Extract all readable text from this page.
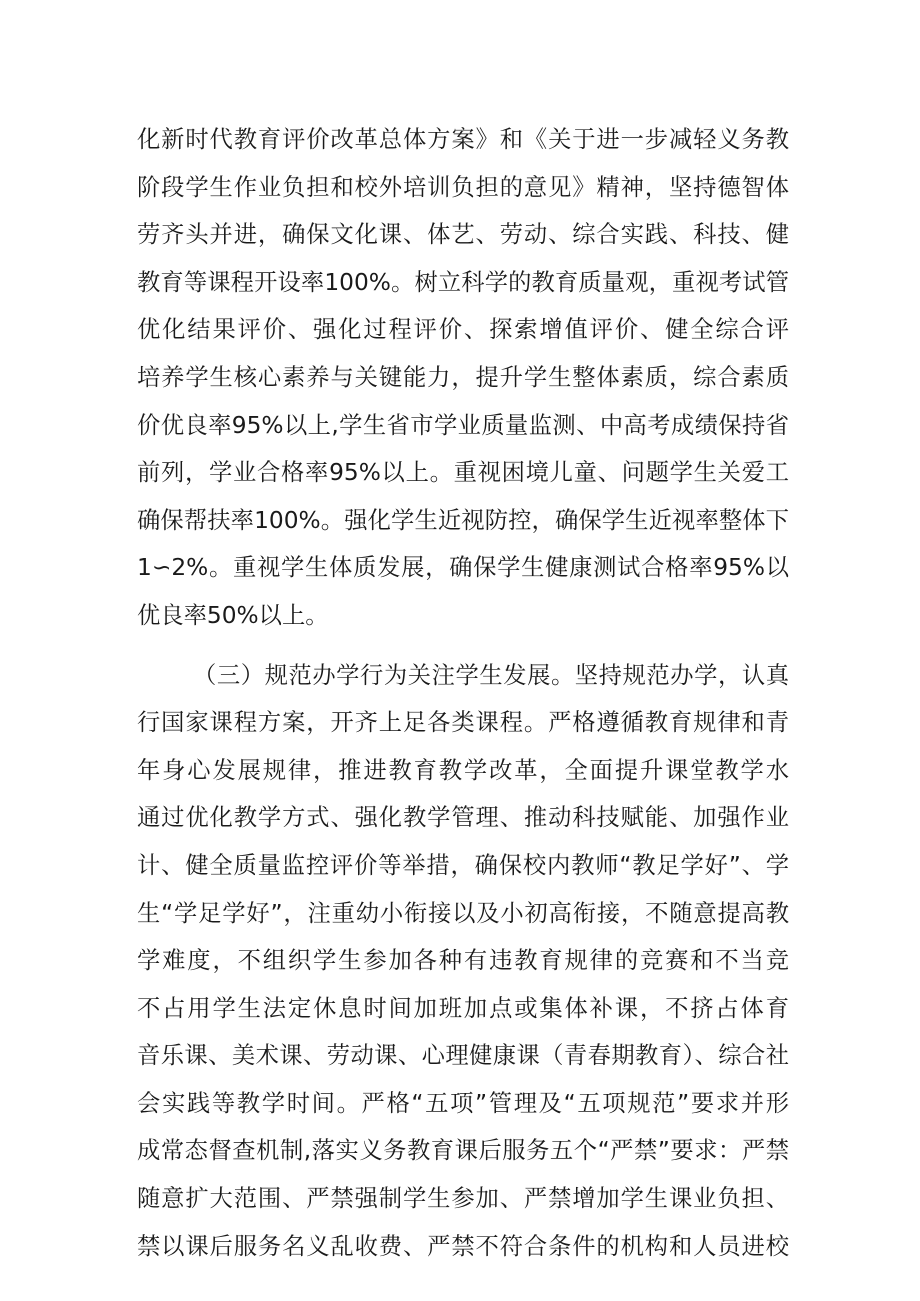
化新时代教育评价改革总体方案》和《关于进一步减轻义务教
阶段学生作业负担和校外培训负担的意见》精神，坚持德智体
劳齐头并进，确保文化课、体艺、劳动、综合实践、科技、健
教育等课程开设率100%。树立科学的教育质量观，重视考试管
优化结果评价、强化过程评价、探索增值评价、健全综合评
培养学生核心素养与关键能力，提升学生整体素质，综合素质
价优良率95%以上,学生省市学业质量监测、中高考成绩保持省
前列，学业合格率95%以上。重视困境儿童、问题学生关爱工
确保帮扶率100%。强化学生近视防控，确保学生近视率整体下
1∽2%。重视学生体质发展，确保学生健康测试合格率95%以
优良率50%以上。
（三）规范办学行为关注学生发展。坚持规范办学，认真
行国家课程方案，开齐上足各类课程。严格遵循教育规律和青
年身心发展规律，推进教育教学改革，全面提升课堂教学水
通过优化教学方式、强化教学管理、推动科技赋能、加强作业
计、健全质量监控评价等举措，确保校内教师“教足学好”、学
生“学足学好”，注重幼小衔接以及小初高衔接，不随意提高教
学难度，不组织学生参加各种有违教育规律的竞赛和不当竞
不占用学生法定休息时间加班加点或集体补课，不挤占体育
音乐课、美术课、劳动课、心理健康课（青春期教育）、综合社
会实践等教学时间。严格“五项”管理及“五项规范”要求并形
成常态督查机制,落实义务教育课后服务五个“严禁”要求：严禁
随意扩大范围、严禁强制学生参加、严禁增加学生课业负担、
禁以课后服务名义乱收费、严禁不符合条件的机构和人员进校
